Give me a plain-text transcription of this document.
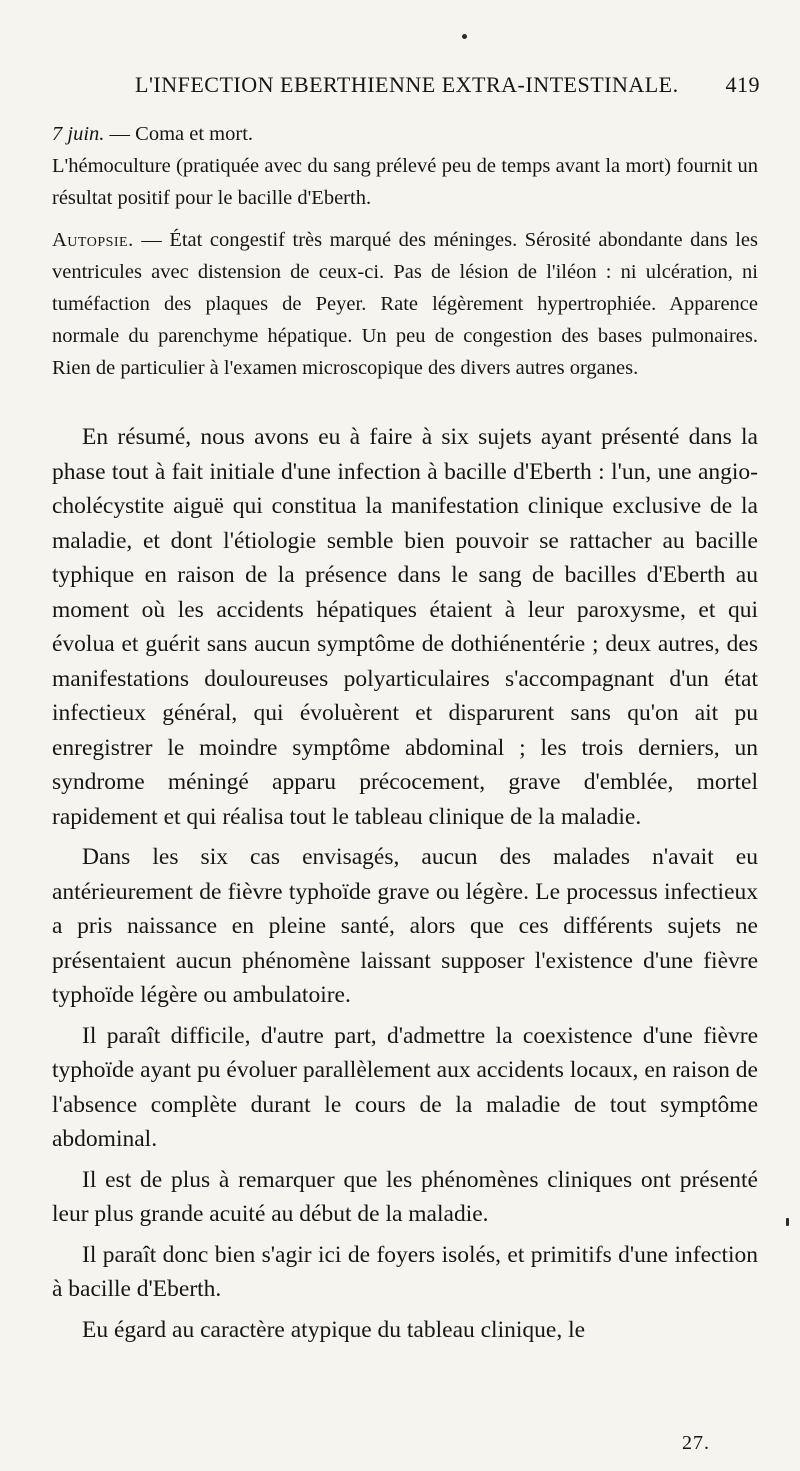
L'INFECTION EBERTHIENNE EXTRA-INTESTINALE. 419

7 juin. — Coma et mort.

L'hémoculture (pratiquée avec du sang prélevé peu de temps avant la mort) fournit un résultat positif pour le bacille d'Eberth.

Autopsie. — État congestif très marqué des méninges. Sérosité abondante dans les ventricules avec distension de ceux-ci. Pas de lésion de l'iléon : ni ulcération, ni tuméfaction des plaques de Peyer. Rate légèrement hypertrophiée. Apparence normale du parenchyme hépatique. Un peu de congestion des bases pulmonaires. Rien de particulier à l'examen microscopique des divers autres organes.

En résumé, nous avons eu à faire à six sujets ayant présenté dans la phase tout à fait initiale d'une infection à bacille d'Eberth : l'un, une angio-cholécystite aiguë qui constitua la manifestation clinique exclusive de la maladie, et dont l'étiologie semble bien pouvoir se rattacher au bacille typhique en raison de la présence dans le sang de bacilles d'Eberth au moment où les accidents hépatiques étaient à leur paroxysme, et qui évolua et guérit sans aucun symptôme de dothiénentérie ; deux autres, des manifestations douloureuses polyarticulaires s'accompagnant d'un état infectieux général, qui évoluèrent et disparurent sans qu'on ait pu enregistrer le moindre symptôme abdominal ; les trois derniers, un syndrome méningé apparu précocement, grave d'emblée, mortel rapidement et qui réalisa tout le tableau clinique de la maladie.

Dans les six cas envisagés, aucun des malades n'avait eu antérieurement de fièvre typhoïde grave ou légère. Le processus infectieux a pris naissance en pleine santé, alors que ces différents sujets ne présentaient aucun phénomène laissant supposer l'existence d'une fièvre typhoïde légère ou ambulatoire.

Il paraît difficile, d'autre part, d'admettre la coexistence d'une fièvre typhoïde ayant pu évoluer parallèlement aux accidents locaux, en raison de l'absence complète durant le cours de la maladie de tout symptôme abdominal.

Il est de plus à remarquer que les phénomènes cliniques ont présenté leur plus grande acuité au début de la maladie.

Il paraît donc bien s'agir ici de foyers isolés, et primitifs d'une infection à bacille d'Eberth.

Eu égard au caractère atypique du tableau clinique, le

27.
